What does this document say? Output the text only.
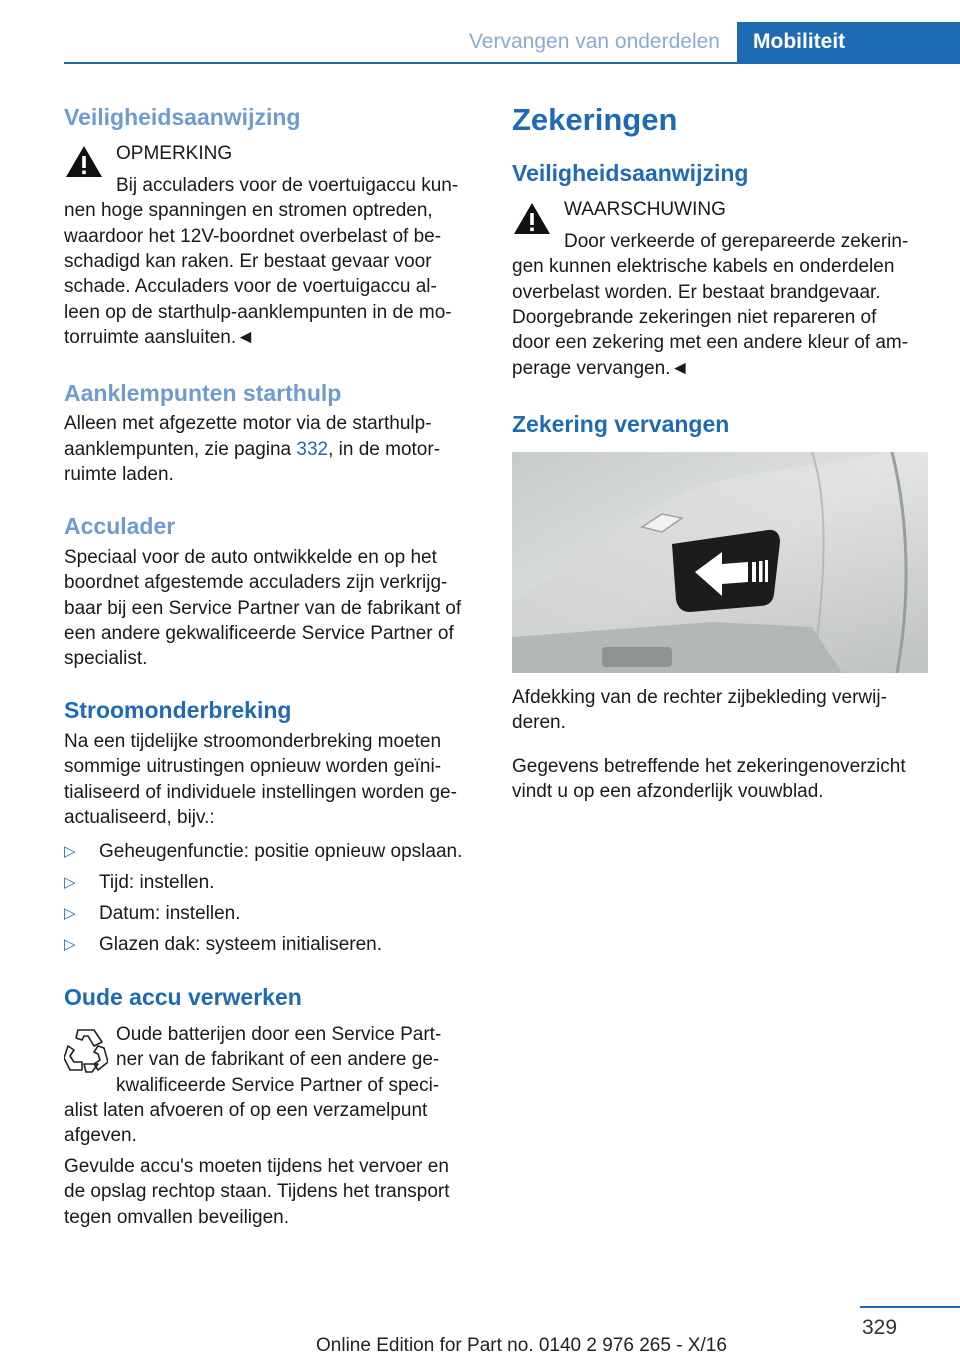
Vervangen van onderdelen	Mobiliteit
Veiligheidsaanwijzing

OPMERKING

Bij acculaders voor de voertuigaccu kun-

nen hoge spanningen en stromen optreden,

waardoor het 12V-boordnet overbelast of be-

schadigd kan raken. Er bestaat gevaar voor

schade. Acculaders voor de voertuigaccu al-

leen op de starthulp-aanklempunten in de mo-

torruimte aansluiten.◄

Aanklempunten starthulp

Alleen met afgezette motor via de starthulp-

aanklempunten, zie pagina 332, in de motor-

ruimte laden.

Acculader

Speciaal voor de auto ontwikkelde en op het

boordnet afgestemde acculaders zijn verkrijg-

baar bij een Service Partner van de fabrikant of

een andere gekwalificeerde Service Partner of

specialist.

Stroomonderbreking

Na een tijdelijke stroomonderbreking moeten

sommige uitrustingen opnieuw worden geïni-

tialiseerd of individuele instellingen worden ge-

actualiseerd, bijv.:

▷ Geheugenfunctie: positie opnieuw opslaan.
▷ Tijd: instellen.
▷ Datum: instellen.
▷ Glazen dak: systeem initialiseren.
Oude accu verwerken

Oude batterijen door een Service Part-

ner van de fabrikant of een andere ge-

kwalificeerde Service Partner of speci-

alist laten afvoeren of op een verzamelpunt

afgeven.

Gevulde accu's moeten tijdens het vervoer en

de opslag rechtop staan. Tijdens het transport

tegen omvallen beveiligen.

Zekeringen
Veiligheidsaanwijzing

WAARSCHUWING

Door verkeerde of gerepareerde zekerin-

gen kunnen elektrische kabels en onderdelen

overbelast worden. Er bestaat brandgevaar.

Doorgebrande zekeringen niet repareren of

door een zekering met een andere kleur of am-

perage vervangen.◄

Zekering vervangen

Afdekking van de rechter zijbekleding verwij-

deren.

Gegevens betreffende het zekeringenoverzicht

vindt u op een afzonderlijk vouwblad.

329
Online Edition for Part no. 0140 2 976 265 - X/16
